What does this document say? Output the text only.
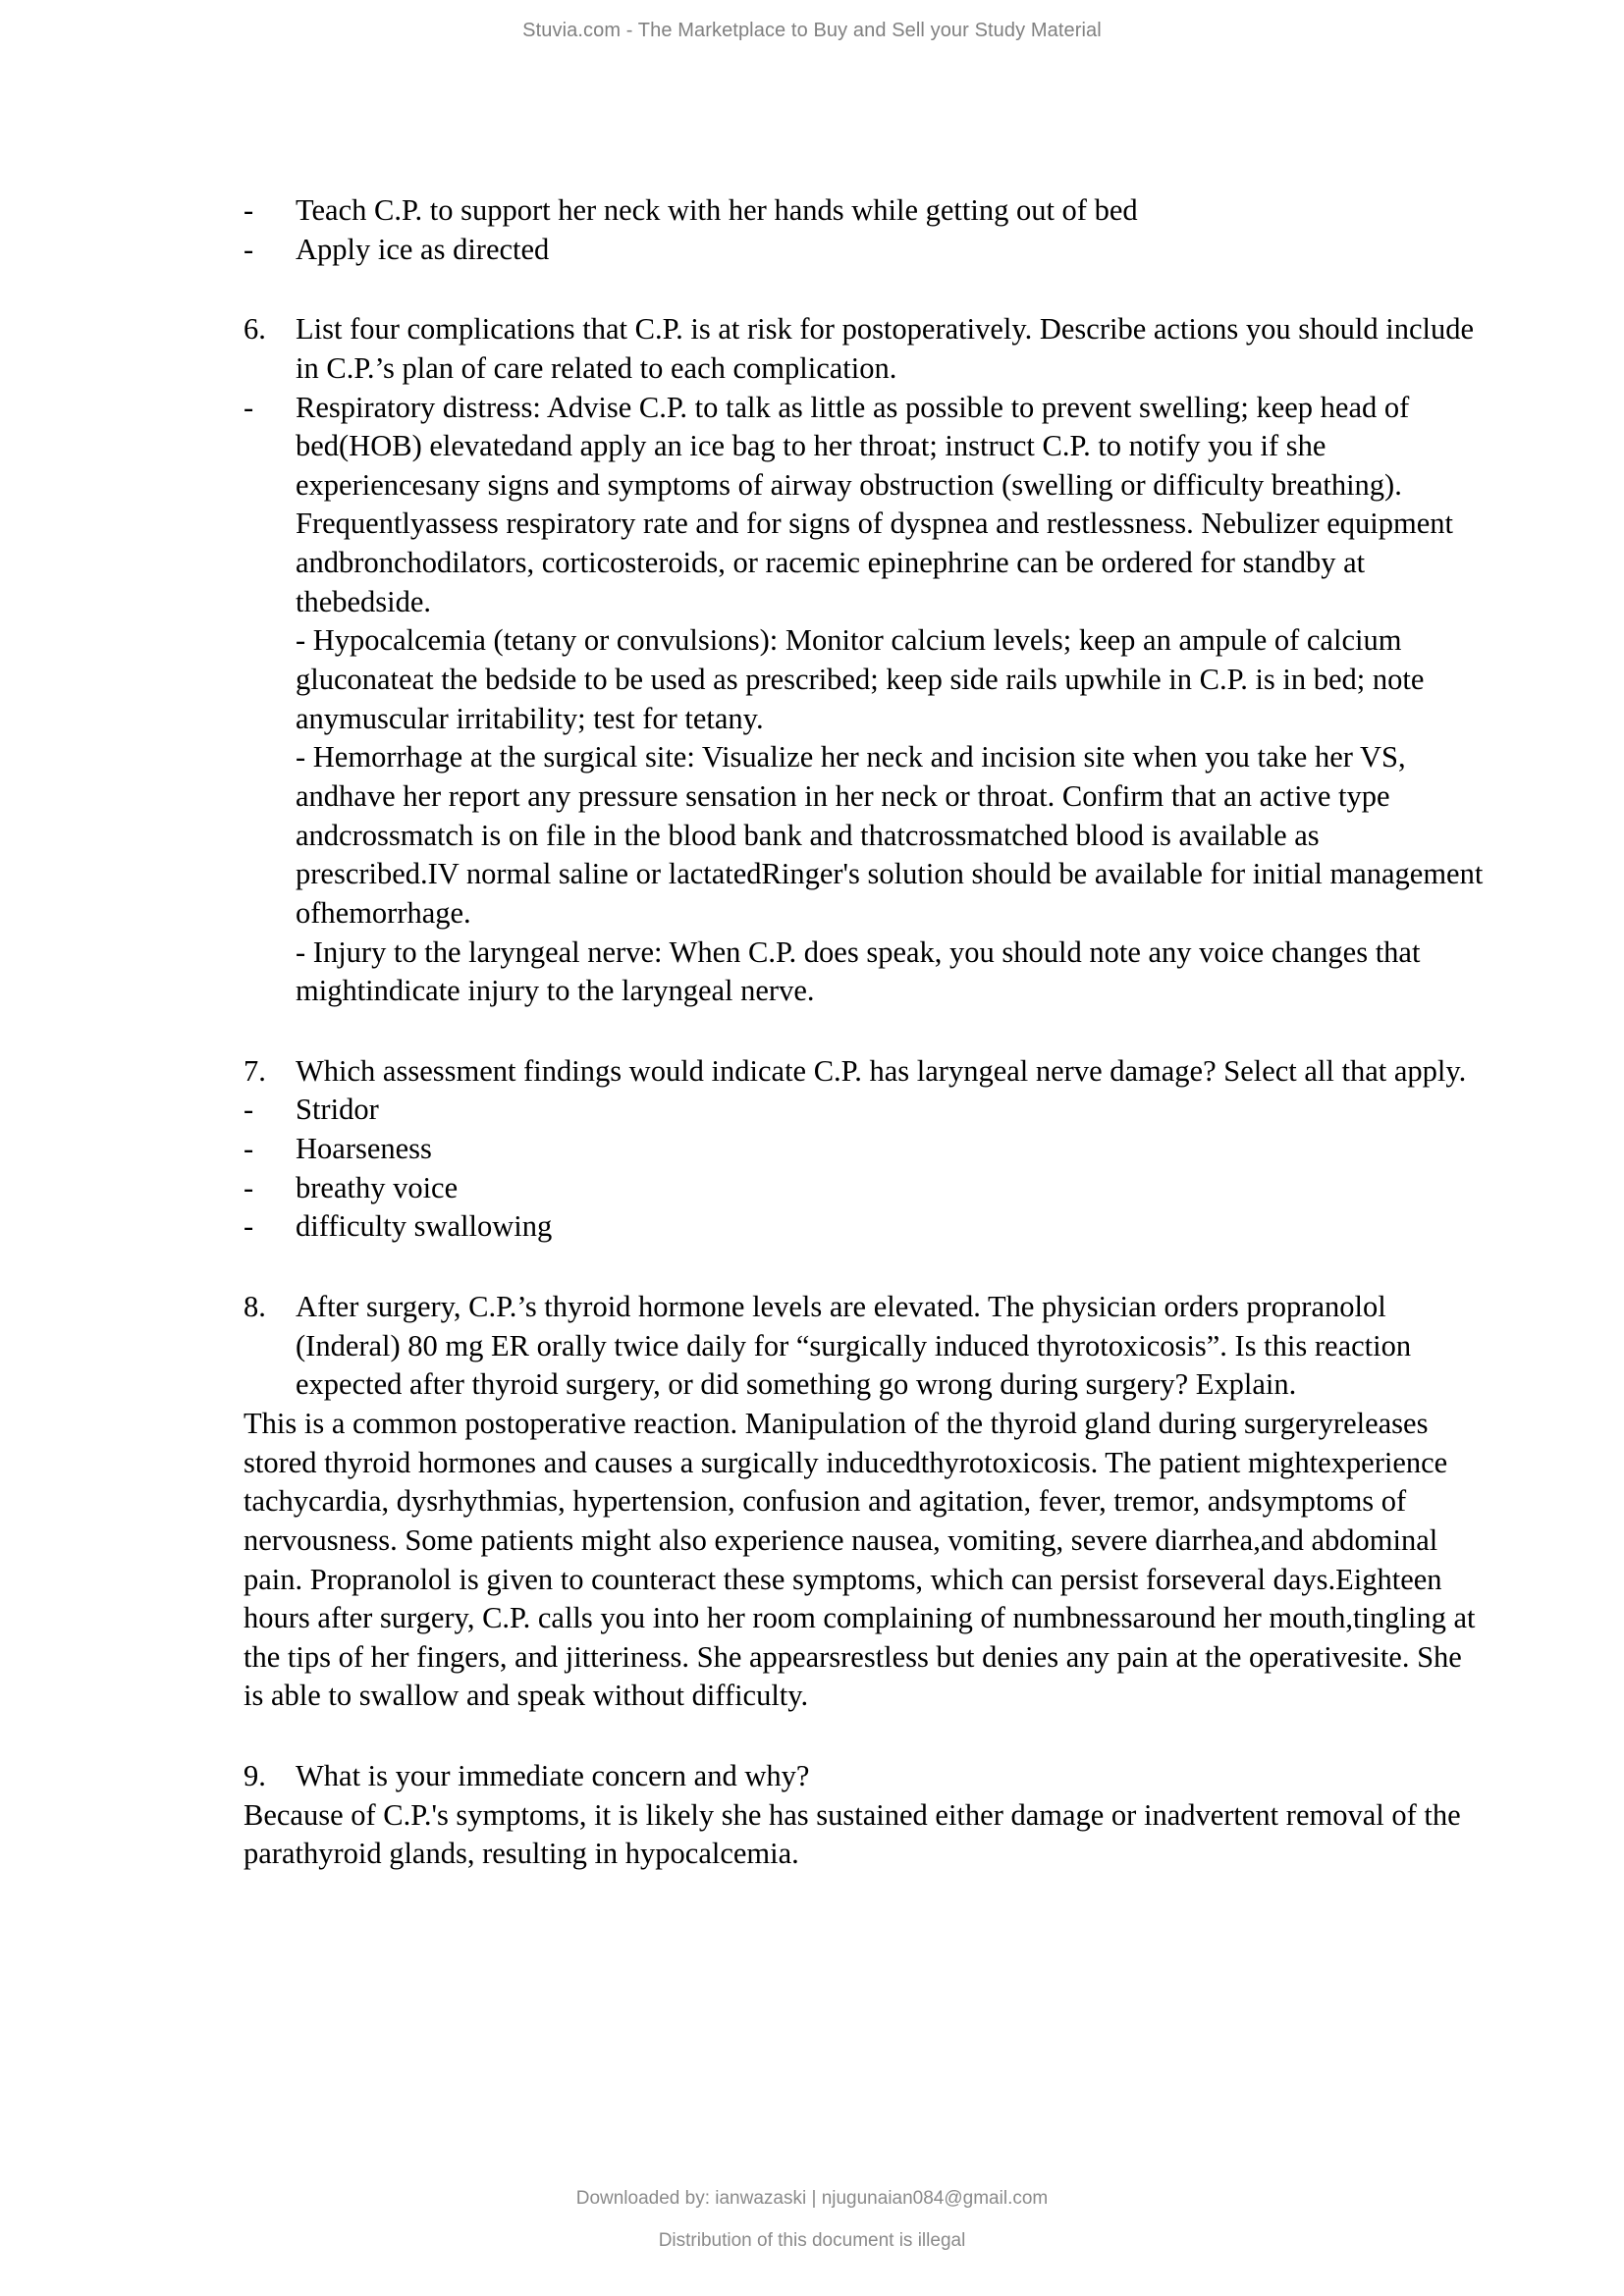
Stuvia.com - The Marketplace to Buy and Sell your Study Material
-	Teach C.P. to support her neck with her hands while getting out of bed
-	Apply ice as directed
6. List four complications that C.P. is at risk for postoperatively. Describe actions you should include in C.P.’s plan of care related to each complication.
-	Respiratory distress: Advise C.P. to talk as little as possible to prevent swelling; keep head of bed(HOB) elevatedand apply an ice bag to her throat; instruct C.P. to notify you if she experiencesany signs and symptoms of airway obstruction (swelling or difficulty breathing). Frequentlyassess respiratory rate and for signs of dyspnea and restlessness. Nebulizer equipment andbronchodilators, corticosteroids, or racemic epinephrine can be ordered for standby at thebedside.
- Hypocalcemia (tetany or convulsions): Monitor calcium levels; keep an ampule of calcium gluconateat the bedside to be used as prescribed; keep side rails upwhile in C.P. is in bed; note anymuscular irritability; test for tetany.
- Hemorrhage at the surgical site: Visualize her neck and incision site when you take her VS, andhave her report any pressure sensation in her neck or throat. Confirm that an active type andcrossmatch is on file in the blood bank and thatcrossmatched blood is available as prescribed.IV normal saline or lactatedRinger's solution should be available for initial management ofhemorrhage.
- Injury to the laryngeal nerve: When C.P. does speak, you should note any voice changes that mightindicate injury to the laryngeal nerve.
7. Which assessment findings would indicate C.P. has laryngeal nerve damage? Select all that apply.
-	Stridor
-	Hoarseness
-	breathy voice
-	difficulty swallowing
8. After surgery, C.P.’s thyroid hormone levels are elevated. The physician orders propranolol (Inderal) 80 mg ER orally twice daily for “surgically induced thyrotoxicosis”. Is this reaction expected after thyroid surgery, or did something go wrong during surgery? Explain.
This is a common postoperative reaction. Manipulation of the thyroid gland during surgeryreleases stored thyroid hormones and causes a surgically inducedthyrotoxicosis. The patient mightexperience tachycardia, dysrhythmias, hypertension, confusion and agitation, fever, tremor, andsymptoms of nervousness. Some patients might also experience nausea, vomiting, severe diarrhea,and abdominal pain. Propranolol is given to counteract these symptoms, which can persist forseveral days.Eighteen hours after surgery, C.P. calls you into her room complaining of numbnessaround her mouth,tingling at the tips of her fingers, and jitteriness. She appearsrestless but denies any pain at the operativesite. She is able to swallow and speak without difficulty.
9. What is your immediate concern and why?
Because of C.P.'s symptoms, it is likely she has sustained either damage or inadvertent removal of the parathyroid glands, resulting in hypocalcemia.
Downloaded by: ianwazaski | njugunaian084@gmail.com
Distribution of this document is illegal
